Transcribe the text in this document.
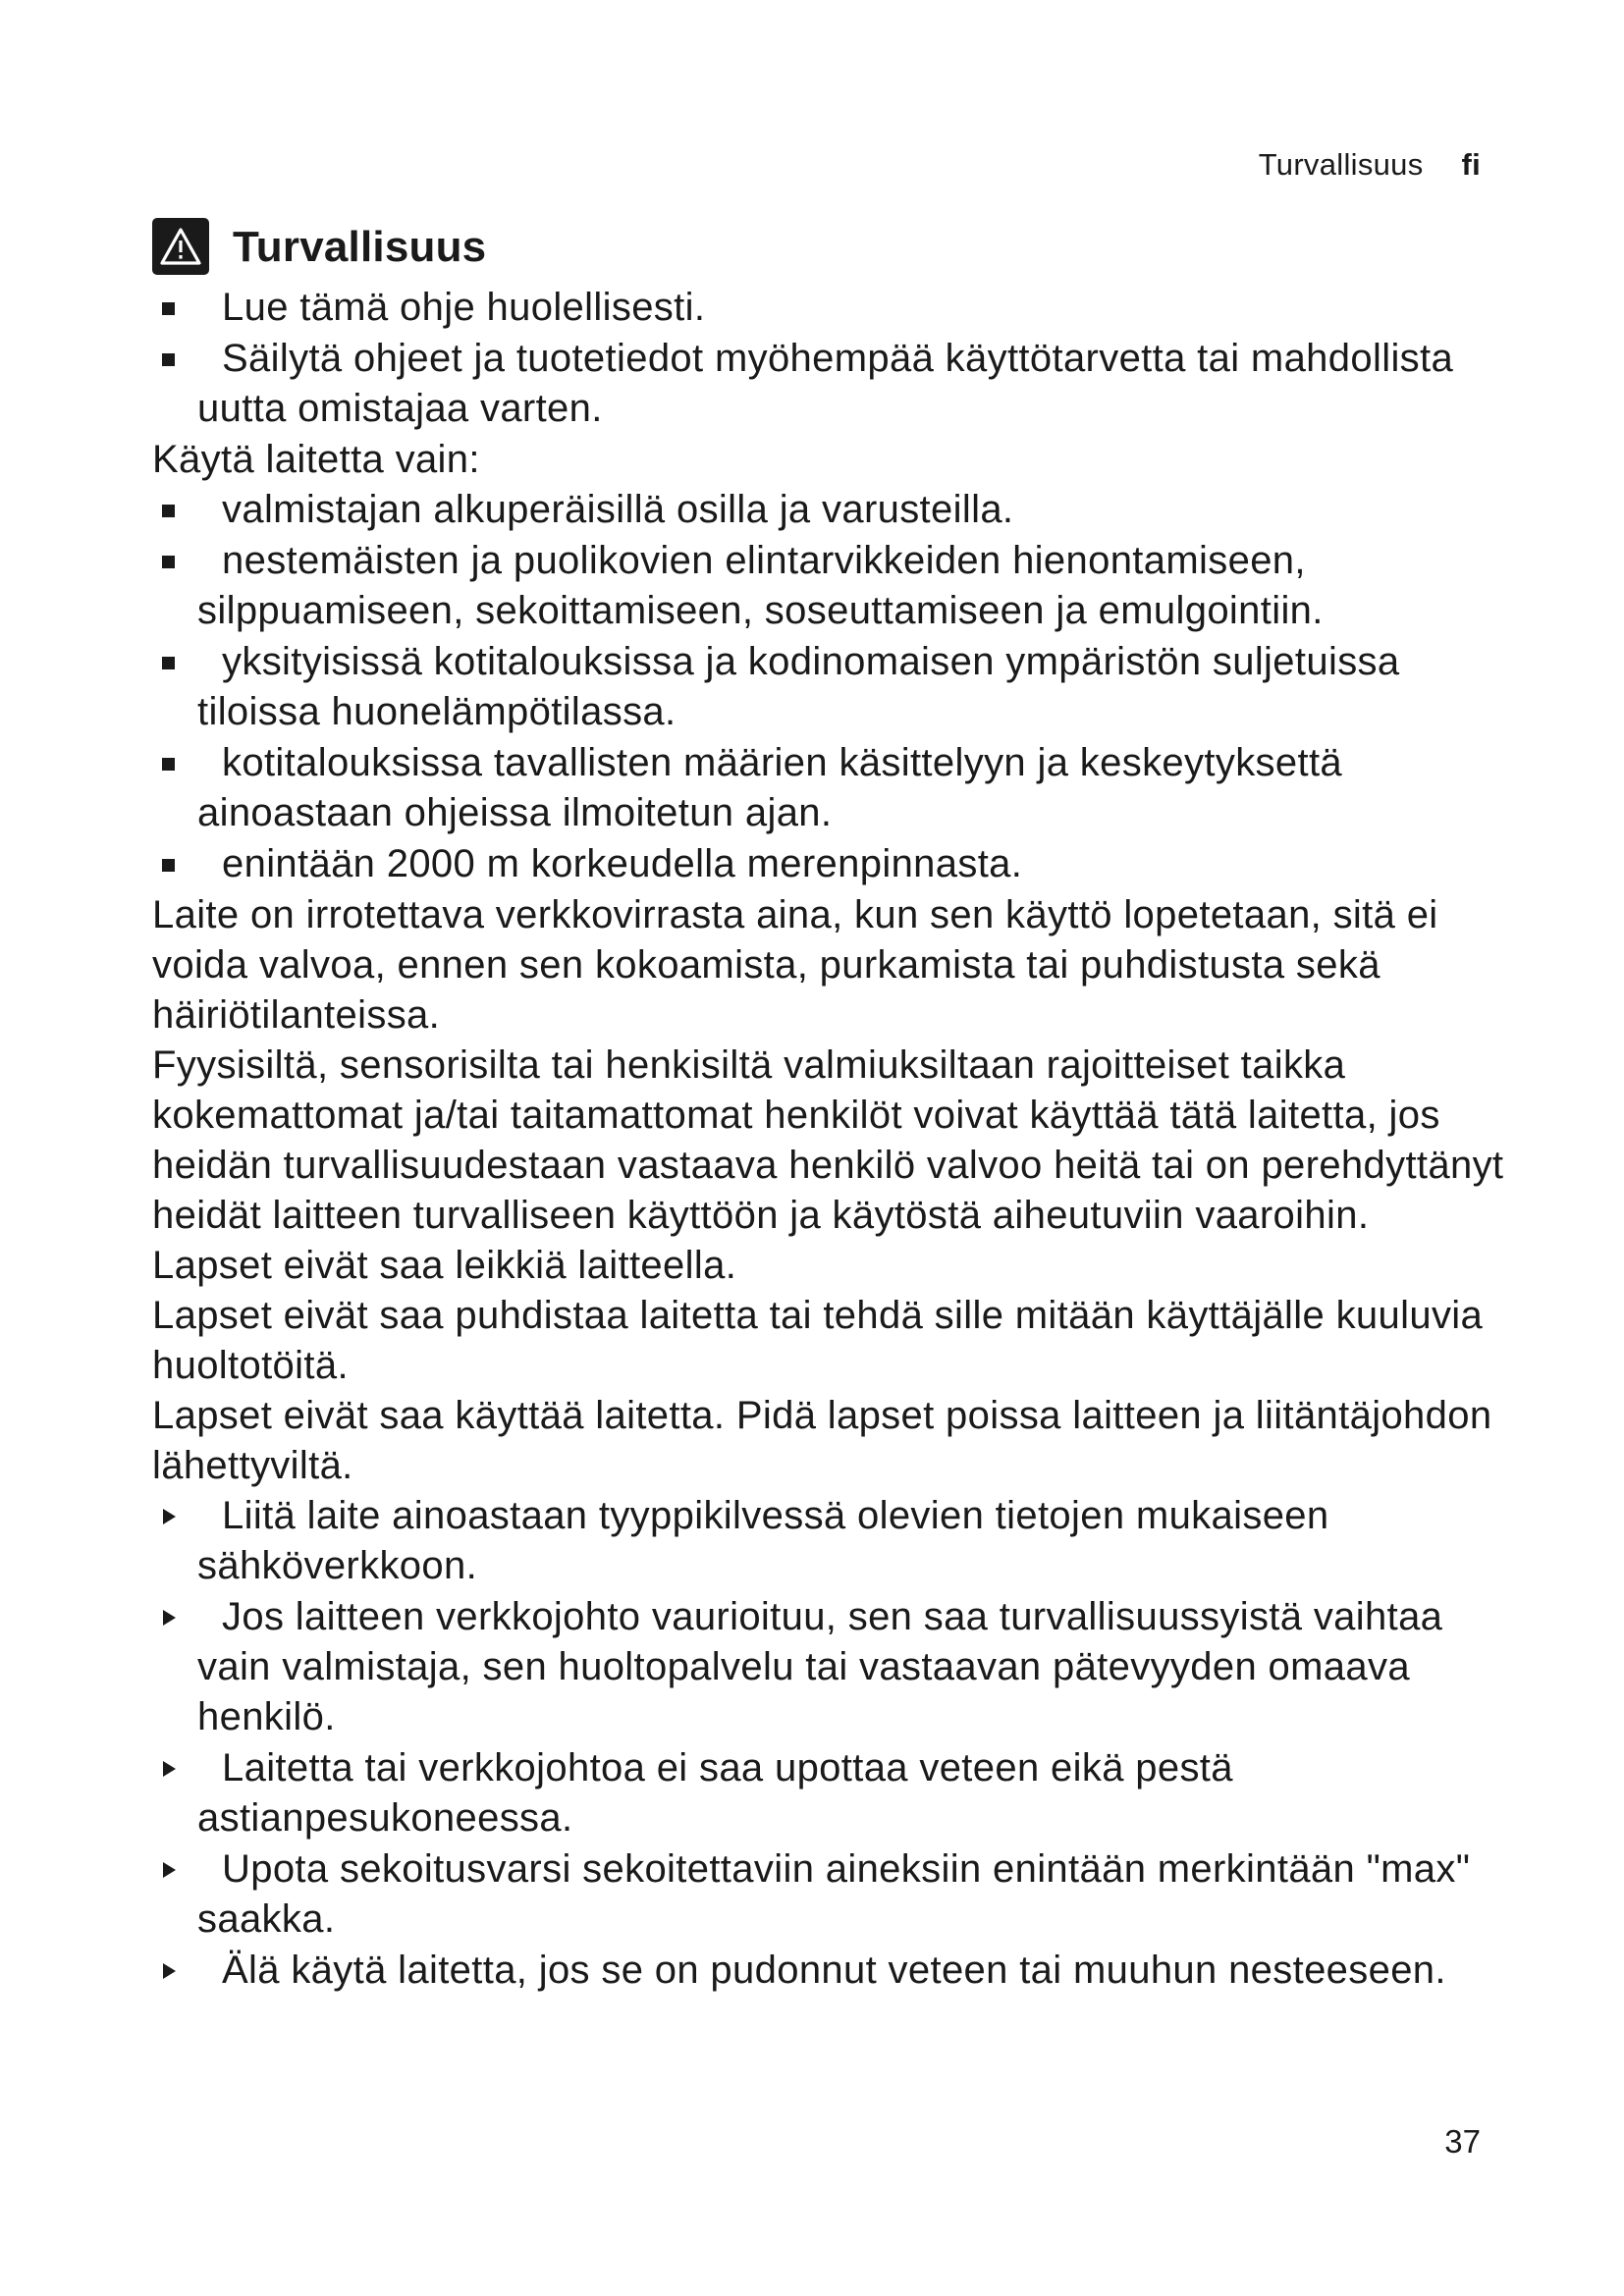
Turvallisuus fi
Turvallisuus
Lue tämä ohje huolellisesti.
Säilytä ohjeet ja tuotetiedot myöhempää käyttötarvetta tai mahdollista uutta omistajaa varten.

Käytä laitetta vain:

valmistajan alkuperäisillä osilla ja varusteilla.
nestemäisten ja puolikovien elintarvikkeiden hienontamiseen, silppuamiseen, sekoittamiseen, soseuttamiseen ja emulgointiin.
yksityisissä kotitalouksissa ja kodinomaisen ympäristön suljetuissa tiloissa huonelämpötilassa.
kotitalouksissa tavallisten määrien käsittelyyn ja keskeytyksettä ainoastaan ohjeissa ilmoitetun ajan.
enintään 2000 m korkeudella merenpinnasta.

Laite on irrotettava verkkovirrasta aina, kun sen käyttö lopetetaan, sitä ei voida valvoa, ennen sen kokoamista, purkamista tai puhdistusta sekä häiriötilanteissa.

Fyysisiltä, sensorisilta tai henkisiltä valmiuksiltaan rajoitteiset taikka kokemattomat ja/tai taitamattomat henkilöt voivat käyttää tätä laitetta, jos heidän turvallisuudestaan vastaava henkilö valvoo heitä tai on perehdyttänyt heidät laitteen turvalliseen käyttöön ja käytöstä aiheutuviin vaaroihin.

Lapset eivät saa leikkiä laitteella.

Lapset eivät saa puhdistaa laitetta tai tehdä sille mitään käyttäjälle kuuluvia huoltotöitä.

Lapset eivät saa käyttää laitetta. Pidä lapset poissa laitteen ja liitäntäjohdon lähettyviltä.

Liitä laite ainoastaan tyyppikilvessä olevien tietojen mukaiseen sähköverkkoon.
Jos laitteen verkkojohto vaurioituu, sen saa turvallisuussyistä vaihtaa vain valmistaja, sen huoltopalvelu tai vastaavan pätevyyden omaava henkilö.
Laitetta tai verkkojohtoa ei saa upottaa veteen eikä pestä astianpesukoneessa.
Upota sekoitusvarsi sekoitettaviin aineksiin enintään merkintään "max" saakka.
Älä käytä laitetta, jos se on pudonnut veteen tai muuhun nesteeseen.
37
